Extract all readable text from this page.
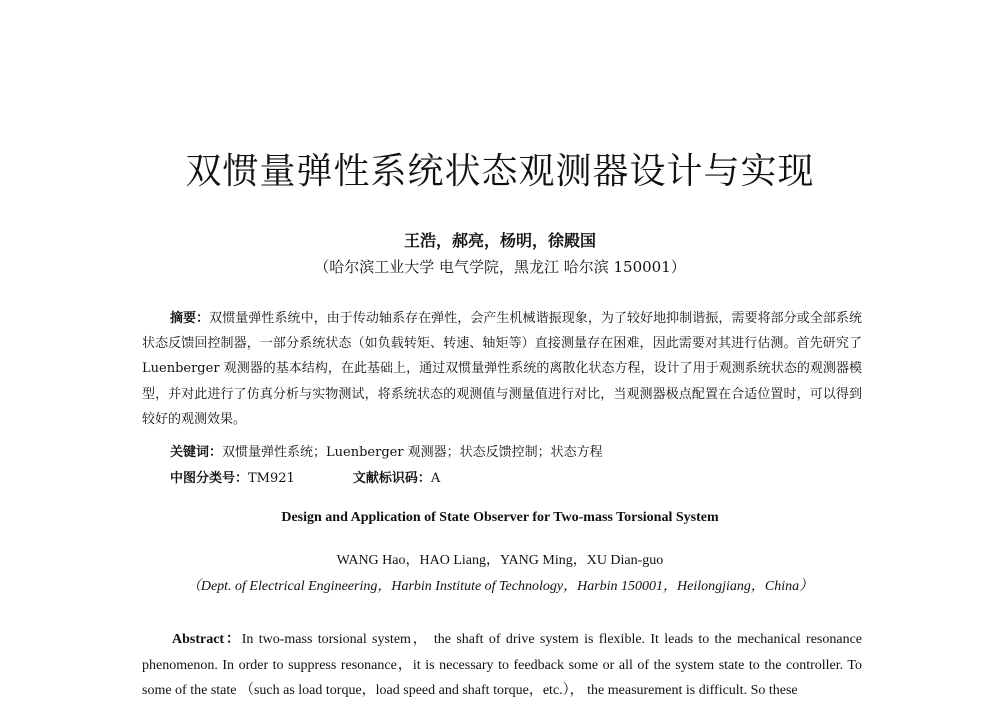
双惯量弹性系统状态观测器设计与实现
王浩，郝亮，杨明，徐殿国
（哈尔滨工业大学 电气学院，黑龙江 哈尔滨 150001）

摘要：双惯量弹性系统中，由于传动轴系存在弹性，会产生机械谐振现象，为了较好地抑制谐振，需要将部分或全部系统状态反馈回控制器，一部分系统状态（如负载转矩、转速、轴矩等）直接测量存在困难，因此需要对其进行估测。首先研究了 Luenberger 观测器的基本结构，在此基础上，通过双惯量弹性系统的离散化状态方程，设计了用于观测系统状态的观测器模型，并对此进行了仿真分析与实物测试，将系统状态的观测值与测量值进行对比，当观测器极点配置在合适位置时，可以得到较好的观测效果。

关键词：双惯量弹性系统；Luenberger 观测器；状态反馈控制；状态方程
中图分类号：TM921	文献标识码：A
Design and Application of State Observer for Two-mass Torsional System
WANG Hao，HAO Liang，YANG Ming，XU Dian-guo
（Dept. of Electrical Engineering，Harbin Institute of Technology，Harbin 150001，Heilongjiang，China）

Abstract：In two-mass torsional system， the shaft of drive system is flexible. It leads to the mechanical resonance phenomenon. In order to suppress resonance，it is necessary to feedback some or all of the system state to the controller. To some of the state （such as load torque，load speed and shaft torque，etc.）， the measurement is difficult. So these
